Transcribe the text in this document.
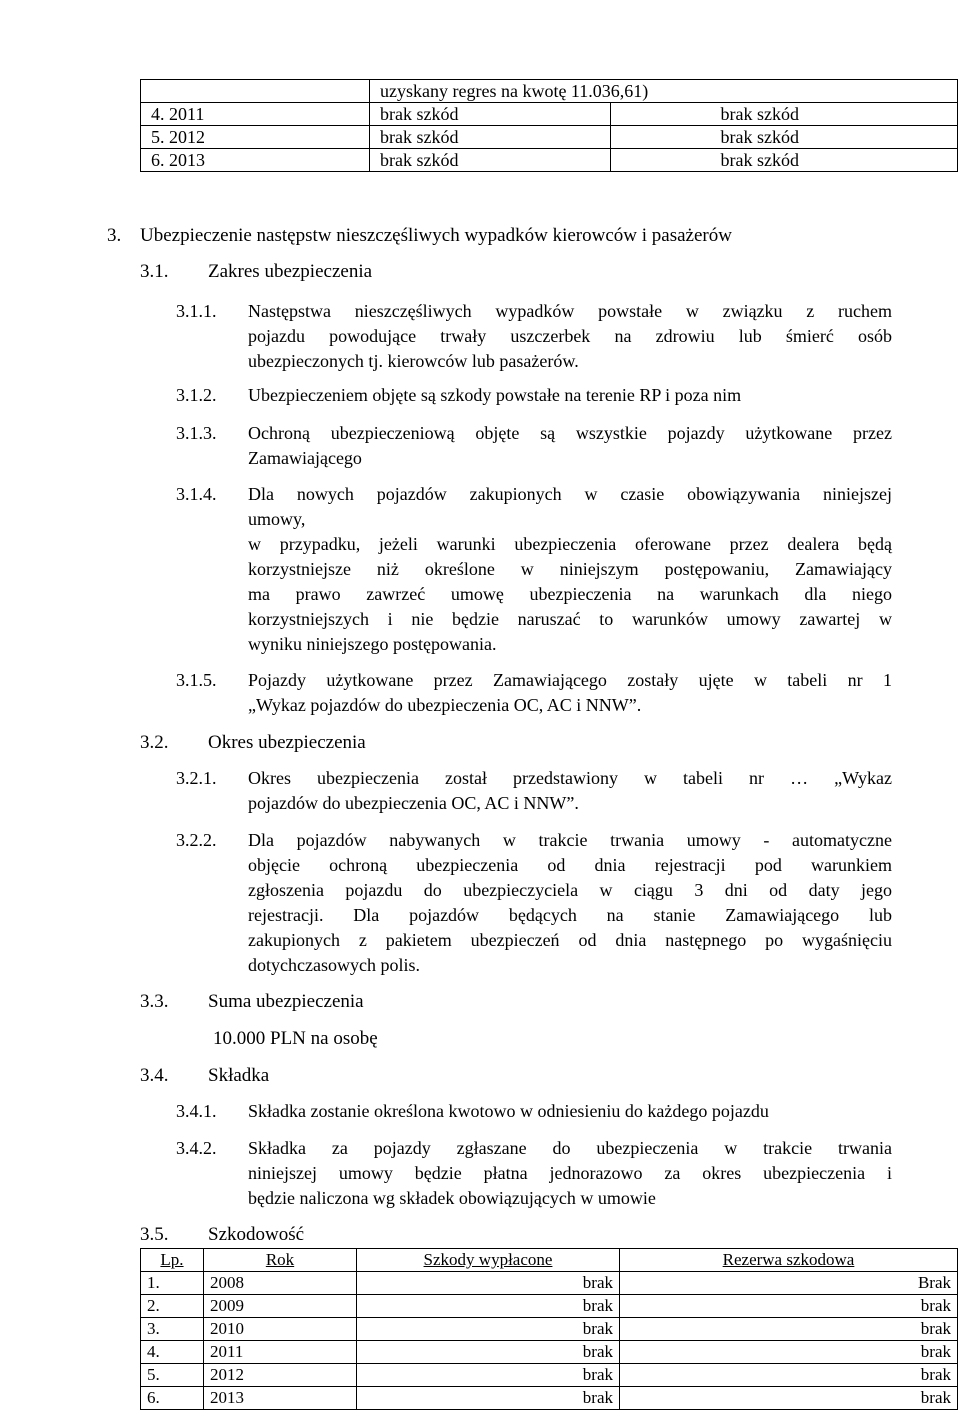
WIFE.271.4.2013
Ubezpieczenie mienia, odpowiedzialności cywilnej oraz ubezpieczenia komunikacyjne Gminy Kępno
	uzyskany regres na kwotę 11.036,61)	
4. 2011	brak szkód	brak szkód
5. 2012	brak szkód	brak szkód
6. 2013	brak szkód	brak szkód
3. Ubezpieczenie następstw nieszczęśliwych wypadków kierowców i pasażerów
3.1. Zakres ubezpieczenia
3.1.1. Następstwa nieszczęśliwych wypadków powstałe w związku z ruchem
pojazdu powodujące trwały uszczerbek na zdrowiu lub śmierć osób
ubezpieczonych tj. kierowców lub pasażerów.
3.1.2. Ubezpieczeniem objęte są szkody powstałe na terenie RP i poza nim
3.1.3. Ochroną ubezpieczeniową objęte są wszystkie pojazdy użytkowane przez
Zamawiającego
3.1.4. Dla nowych pojazdów zakupionych w czasie obowiązywania niniejszej
umowy,
w przypadku, jeżeli warunki ubezpieczenia oferowane przez dealera będą
korzystniejsze niż określone w niniejszym postępowaniu, Zamawiający
ma prawo zawrzeć umowę ubezpieczenia na warunkach dla niego
korzystniejszych i nie będzie naruszać to warunków umowy zawartej w
wyniku niniejszego postępowania.
3.1.5. Pojazdy użytkowane przez Zamawiającego zostały ujęte w tabeli nr 1
„Wykaz pojazdów do ubezpieczenia OC, AC i NNW”.
3.2. Okres ubezpieczenia
3.2.1. Okres ubezpieczenia został przedstawiony w tabeli nr … „Wykaz
pojazdów do ubezpieczenia OC, AC i NNW”.
3.2.2. Dla pojazdów nabywanych w trakcie trwania umowy - automatyczne
objęcie ochroną ubezpieczenia od dnia rejestracji pod warunkiem
zgłoszenia pojazdu do ubezpieczyciela w ciągu 3 dni od daty jego
rejestracji. Dla pojazdów będących na stanie Zamawiającego lub
zakupionych z pakietem ubezpieczeń od dnia następnego po wygaśnięciu
dotychczasowych polis.
3.3. Suma ubezpieczenia
10.000 PLN na osobę
3.4. Składka
3.4.1. Składka zostanie określona kwotowo w odniesieniu do każdego pojazdu
3.4.2. Składka za pojazdy zgłaszane do ubezpieczenia w trakcie trwania
niniejszej umowy będzie płatna jednorazowo za okres ubezpieczenia i
będzie naliczona wg składek obowiązujących w umowie
3.5. Szkodowość
Lp.	Rok	Szkody wypłacone	Rezerwa szkodowa
1.	2008	brak	Brak
2.	2009	brak	brak
3.	2010	brak	brak
4.	2011	brak	brak
5.	2012	brak	brak
6.	2013	brak	brak
